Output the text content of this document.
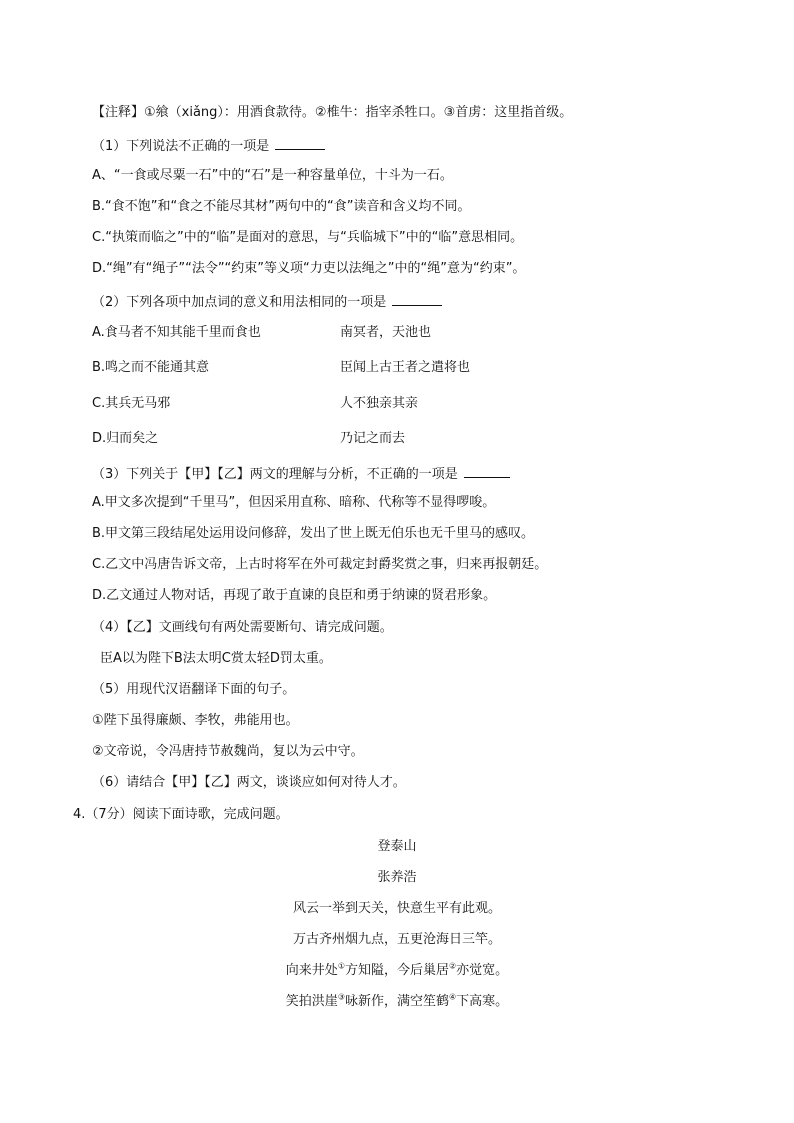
【注释】①飨（xiǎng）：用酒食款待。②椎牛：指宰杀牲口。③首虏：这里指首级。
（1）下列说法不正确的一项是
A、“一食或尽粟一石”中的“石”是一种容量单位，十斗为一石。
B.“食不饱”和“食之不能尽其材”两句中的“食”读音和含义均不同。
C.“执策而临之”中的“临”是面对的意思，与“兵临城下”中的“临”意思相同。
D.“绳”有“绳子”“法令”“约束”等义项“力吏以法绳之”中的“绳”意为“约束”。
（2）下列各项中加点词的意义和用法相同的一项是
A.食马者不知其能千里而食也	南冥者，天池也
B.鸣之而不能通其意	臣闻上古王者之遣将也
C.其兵无马邪	人不独亲其亲
D.归而矣之	乃记之而去
（3）下列关于【甲】【乙】两文的理解与分析，不正确的一项是
A.甲文多次提到“千里马”，但因采用直称、暗称、代称等不显得啰唆。
B.甲文第三段结尾处运用设问修辞，发出了世上既无伯乐也无千里马的感叹。
C.乙文中冯唐告诉文帝，上古时将军在外可裁定封爵奖赏之事，归来再报朝廷。
D.乙文通过人物对话，再现了敢于直谏的良臣和勇于纳谏的贤君形象。
（4）【乙】文画线句有两处需要断句、请完成问题。
臣A以为陛下B法太明C赏太轻D罚太重。
（5）用现代汉语翻译下面的句子。
①陛下虽得廉颇、李牧，弗能用也。
②文帝说，令冯唐持节赦魏尚，复以为云中守。
（6）请结合【甲】【乙】两文，谈谈应如何对待人才。
4.（7分）阅读下面诗歌，完成问题。
登泰山
张养浩
风云一举到天关，快意生平有此观。
万古齐州烟九点，五更沧海日三竿。
向来井处①方知隘，今后巢居②亦觉宽。
笑拍洪崖③咏新作，满空笙鹤④下高寒。
